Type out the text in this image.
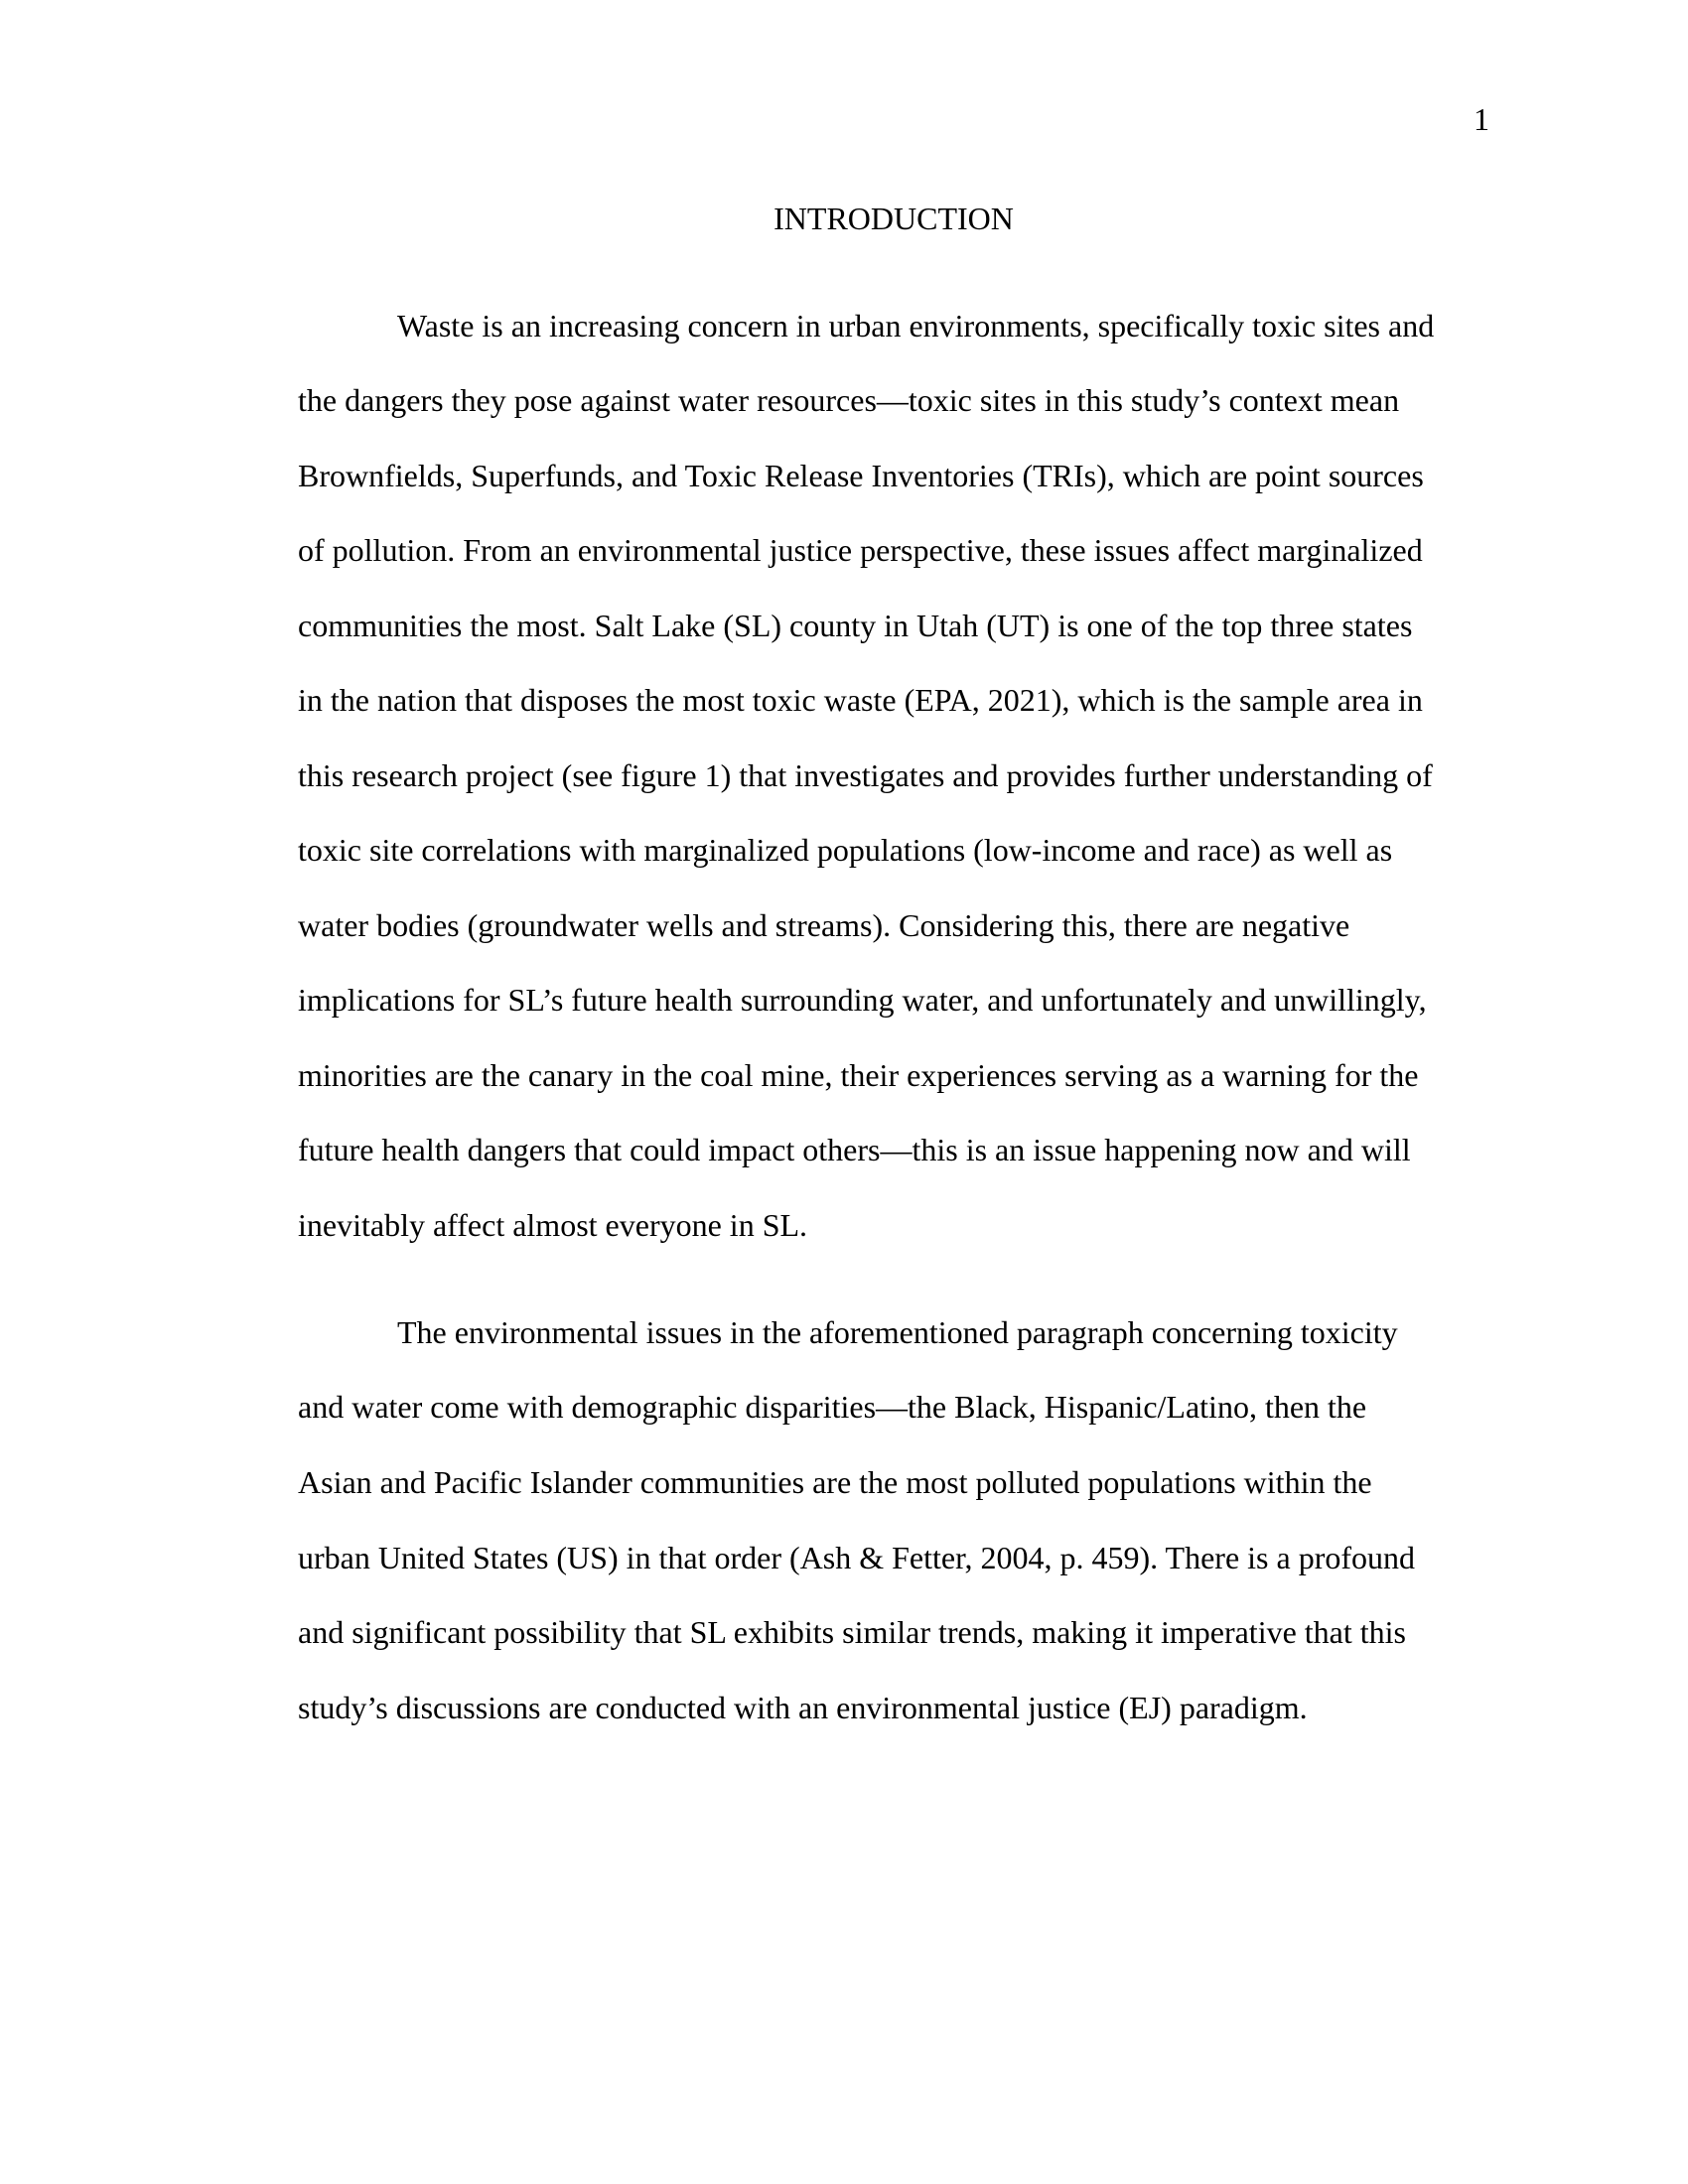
1
INTRODUCTION

Waste is an increasing concern in urban environments, specifically toxic sites and

the dangers they pose against water resources—toxic sites in this study’s context mean

Brownfields, Superfunds, and Toxic Release Inventories (TRIs), which are point sources

of pollution. From an environmental justice perspective, these issues affect marginalized

communities the most. Salt Lake (SL) county in Utah (UT) is one of the top three states

in the nation that disposes the most toxic waste (EPA, 2021), which is the sample area in

this research project (see figure 1) that investigates and provides further understanding of

toxic site correlations with marginalized populations (low-income and race) as well as

water bodies (groundwater wells and streams). Considering this, there are negative

implications for SL’s future health surrounding water, and unfortunately and unwillingly,

minorities are the canary in the coal mine, their experiences serving as a warning for the

future health dangers that could impact others—this is an issue happening now and will

inevitably affect almost everyone in SL.

The environmental issues in the aforementioned paragraph concerning toxicity

and water come with demographic disparities—the Black, Hispanic/Latino, then the

Asian and Pacific Islander communities are the most polluted populations within the

urban United States (US) in that order (Ash & Fetter, 2004, p. 459). There is a profound

and significant possibility that SL exhibits similar trends, making it imperative that this

study’s discussions are conducted with an environmental justice (EJ) paradigm.
